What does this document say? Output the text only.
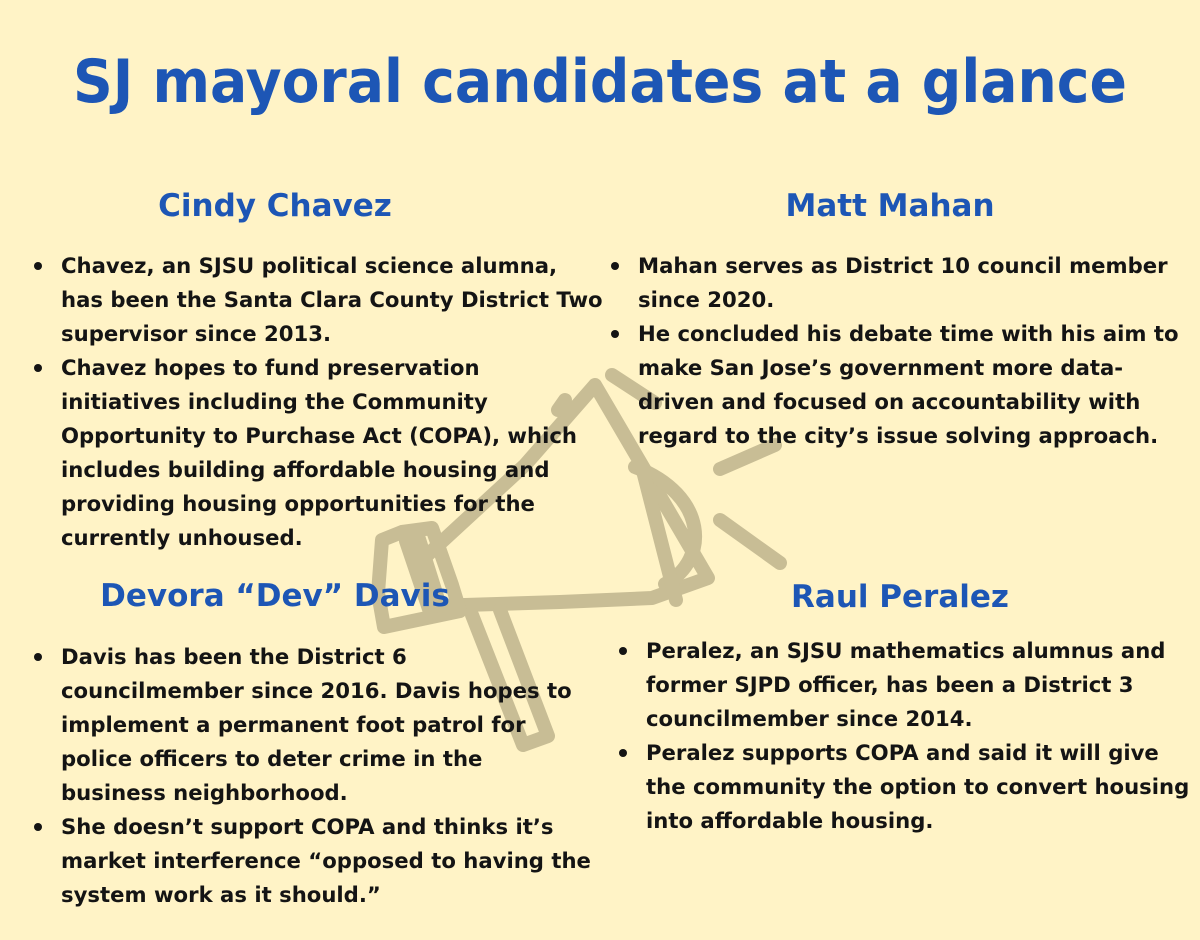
SJ mayoral candidates at a glance
Cindy Chavez
Chavez, an SJSU political science alumna, has been the Santa Clara County District Two supervisor since 2013.
Chavez hopes to fund preservation initiatives including the Community Opportunity to Purchase Act (COPA), which includes building affordable housing and providing housing opportunities for the currently unhoused.
Matt Mahan
Mahan serves as District 10 council member since 2020.
He concluded his debate time with his aim to make San Jose’s government more data-driven and focused on accountability with regard to the city’s issue solving approach.
Devora “Dev” Davis
Davis has been the District 6 councilmember since 2016. Davis hopes to implement a permanent foot patrol for police officers to deter crime in the business neighborhood.
She doesn’t support COPA and thinks it’s market interference “opposed to having the system work as it should.”
Raul Peralez
Peralez, an SJSU mathematics alumnus and former SJPD officer, has been a District 3 councilmember since 2014.
Peralez supports COPA and said it will give the community the option to convert housing into affordable housing.
